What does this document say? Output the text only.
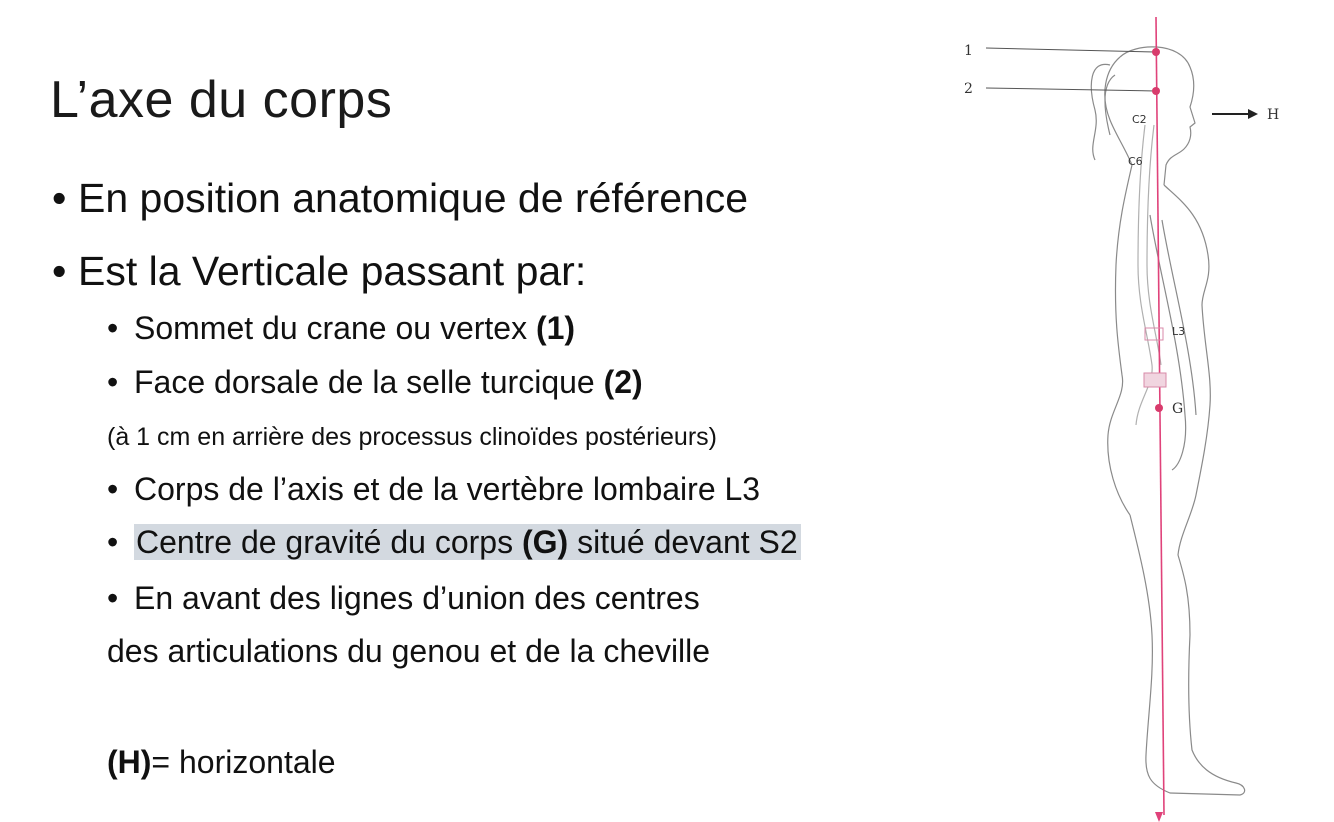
L’axe du corps
• En position anatomique de référence
• Est la Verticale passant par:
• Sommet du crane ou vertex (1)
• Face dorsale de la selle turcique (2)
(à 1 cm en arrière des processus clinoïdes postérieurs)
• Corps de l’axis et de la vertèbre lombaire L3
• Centre de gravité du corps (G) situé devant S2
• En avant des lignes d’union des centres
des articulations du genou et de la cheville
(H)= horizontale
1
2
H
G
C2
C6
L3
